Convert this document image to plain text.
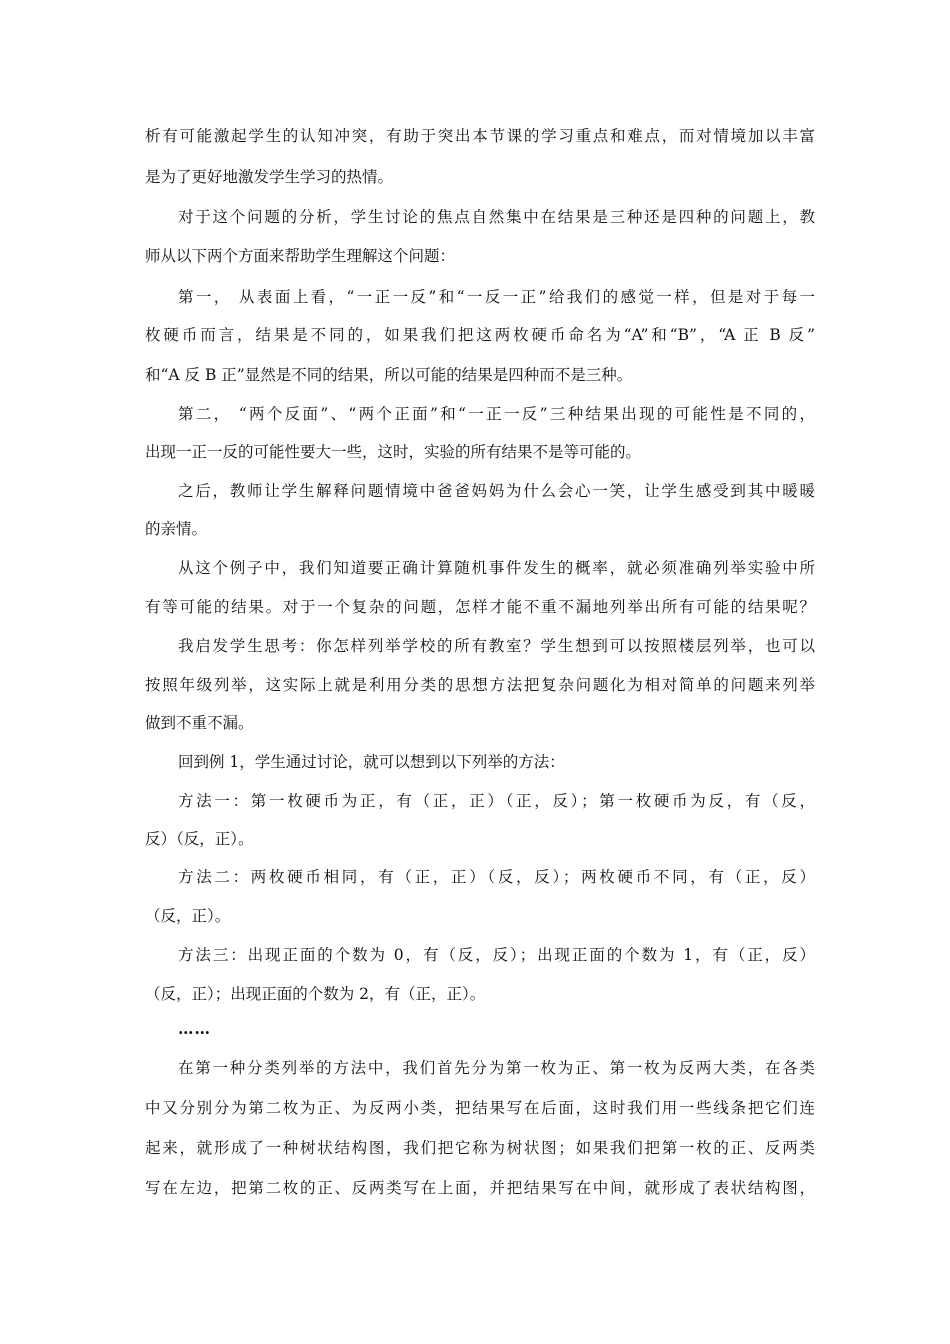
析有可能激起学生的认知冲突，有助于突出本节课的学习重点和难点，而对情境加以丰富
是为了更好地激发学生学习的热情。
对于这个问题的分析，学生讨论的焦点自然集中在结果是三种还是四种的问题上，教
师从以下两个方面来帮助学生理解这个问题：
第一， 从表面上看，“一正一反”和“一反一正”给我们的感觉一样，但是对于每一
枚硬币而言，结果是不同的，如果我们把这两枚硬币命名为“A”和“B”，“A 正 B 反”
和“A 反 B 正”显然是不同的结果，所以可能的结果是四种而不是三种。
第二， “两个反面”、“两个正面”和“一正一反”三种结果出现的可能性是不同的，
出现一正一反的可能性要大一些，这时，实验的所有结果不是等可能的。
之后，教师让学生解释问题情境中爸爸妈妈为什么会心一笑，让学生感受到其中暖暖
的亲情。
从这个例子中，我们知道要正确计算随机事件发生的概率，就必须准确列举实验中所
有等可能的结果。对于一个复杂的问题，怎样才能不重不漏地列举出所有可能的结果呢？
我启发学生思考：你怎样列举学校的所有教室？学生想到可以按照楼层列举，也可以
按照年级列举，这实际上就是利用分类的思想方法把复杂问题化为相对简单的问题来列举
做到不重不漏。
回到例 1，学生通过讨论，就可以想到以下列举的方法：
方法一：第一枚硬币为正，有（正，正）（正，反）；第一枚硬币为反，有（反，
反）（反，正）。
方法二：两枚硬币相同，有（正，正）（反，反）；两枚硬币不同，有（正，反）
（反，正）。
方法三：出现正面的个数为 0，有（反，反）；出现正面的个数为 1，有（正，反）
（反，正）；出现正面的个数为 2，有（正，正）。
……
在第一种分类列举的方法中，我们首先分为第一枚为正、第一枚为反两大类，在各类
中又分别分为第二枚为正、为反两小类，把结果写在后面，这时我们用一些线条把它们连
起来，就形成了一种树状结构图，我们把它称为树状图；如果我们把第一枚的正、反两类
写在左边，把第二枚的正、反两类写在上面，并把结果写在中间，就形成了表状结构图，
